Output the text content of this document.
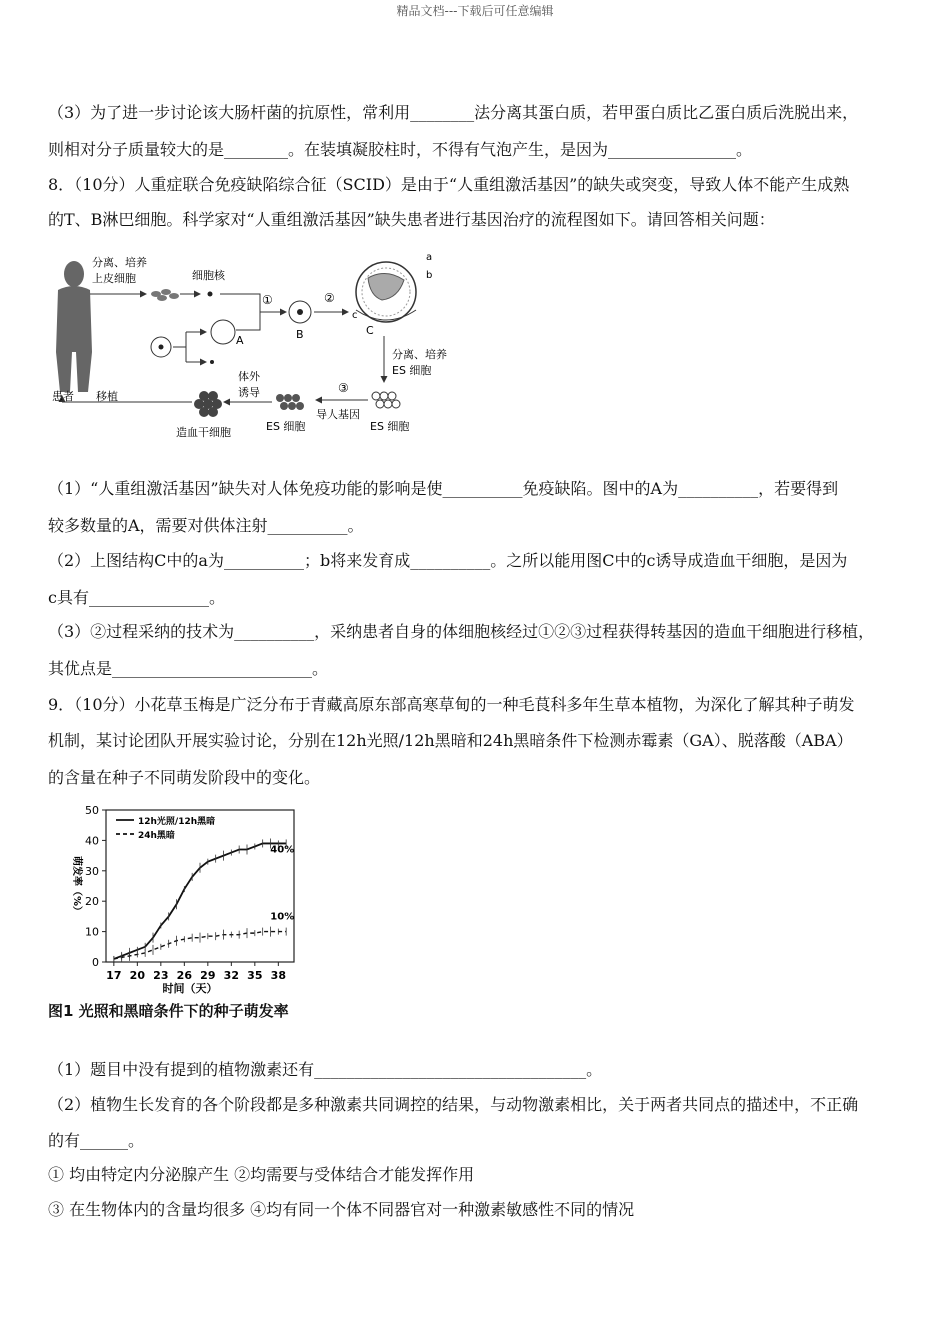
精品文档---下载后可任意编辑
（3）为了进一步讨论该大肠杆菌的抗原性，常利用________法分离其蛋白质，若甲蛋白质比乙蛋白质后洗脱出来，
则相对分子质量较大的是________。在装填凝胶柱时，不得有气泡产生，是因为________________。
8．（10分）人重症联合免疫缺陷综合征（SCID）是由于“人重组激活基因”的缺失或突变，导致人体不能产生成熟
的T、B淋巴细胞。科学家对“人重组激活基因”缺失患者进行基因治疗的流程图如下。请回答相关问题：
分离、培养
上皮细胞	细胞核
A
①
B
②
a
b
c
C
分离、培养
ES 细胞
ES 细胞
③
导人基因
ES 细胞
体外
诱导
造血干细胞
患者 移植
（1）“人重组激活基因”缺失对人体免疫功能的影响是使__________免疫缺陷。图中的A为__________，若要得到
较多数量的A，需要对供体注射__________。
（2）上图结构C中的a为__________；b将来发育成__________。之所以能用图C中的c诱导成造血干细胞，是因为
c具有_______________。
（3）②过程采纳的技术为__________，采纳患者自身的体细胞核经过①②③过程获得转基因的造血干细胞进行移植，
其优点是_________________________。
9．（10分）小花草玉梅是广泛分布于青藏高原东部高寒草甸的一种毛茛科多年生草本植物，为深化了解其种子萌发
机制，某讨论团队开展实验讨论，分别在12h光照/12h黑暗和24h黑暗条件下检测赤霉素（GA）、脱落酸（ABA）
的含量在种子不同萌发阶段中的变化。
0
10
20
30
40
50
17 20 23 26 29 32 35 38
时间（天）
萌发率（%）
40%
10%
12h光照/12h黑暗
24h黑暗
图1 光照和黑暗条件下的种子萌发率
（1）题目中没有提到的植物激素还有__________________________________。
（2）植物生长发育的各个阶段都是多种激素共同调控的结果，与动物激素相比，关于两者共同点的描述中，不正确
的有______。
① 均由特定内分泌腺产生 ②均需要与受体结合才能发挥作用
③ 在生物体内的含量均很多 ④均有同一个体不同器官对一种激素敏感性不同的情况
